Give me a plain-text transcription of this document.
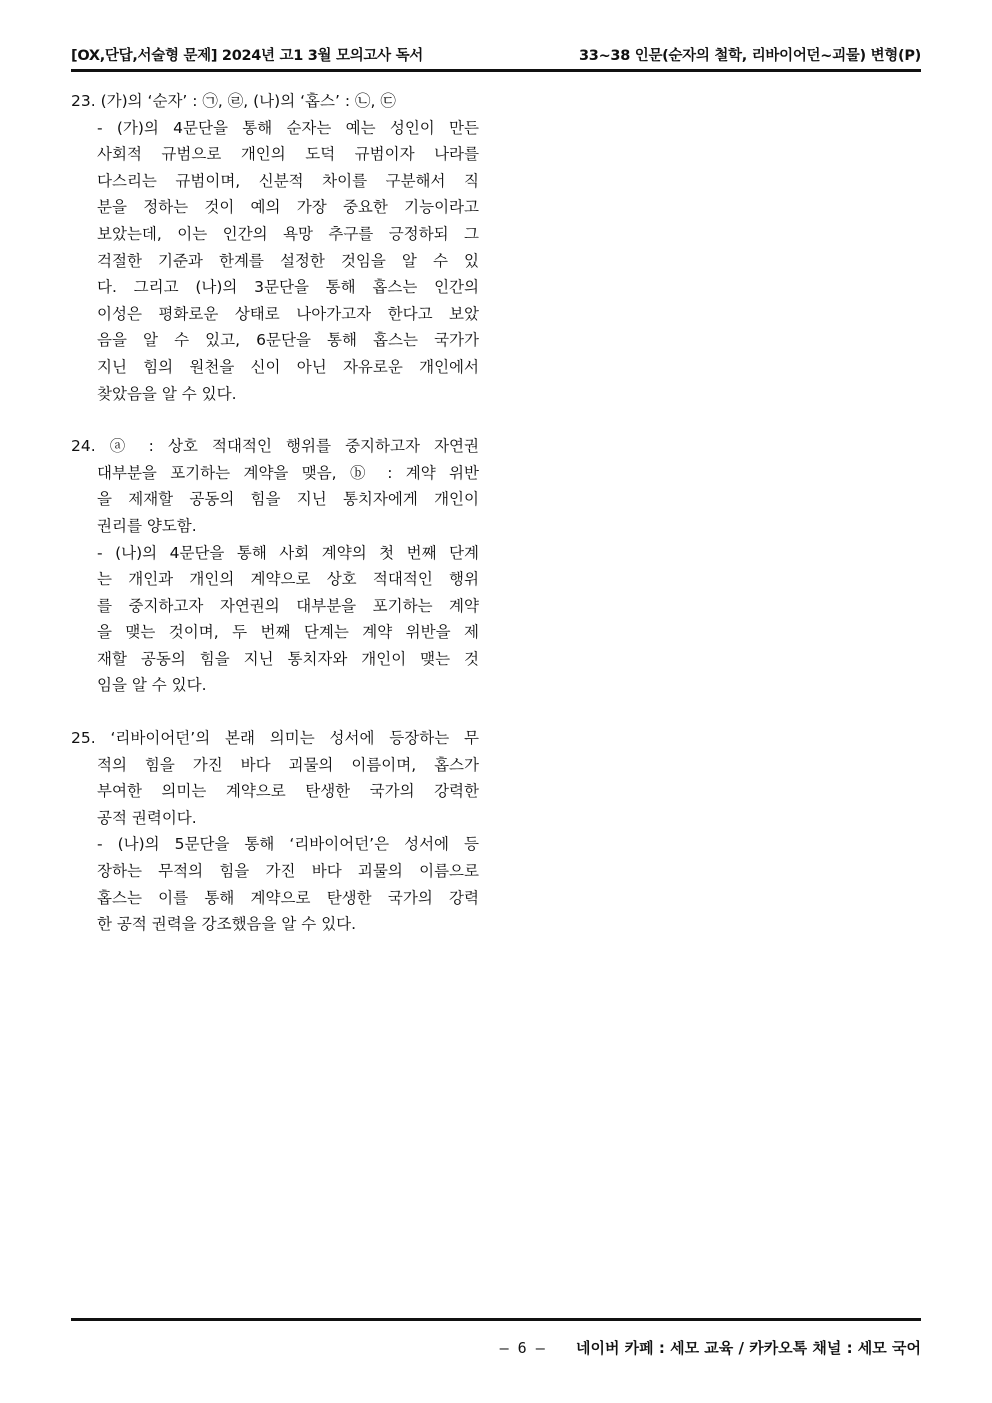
[OX,단답,서술형 문제] 2024년 고1 3월 모의고사 독서	33~38 인문(순자의 철학, 리바이어던~괴물) 변형(P)
23. (가)의 ‘순자’ : ㉠, ㉣, (나)의 ‘홉스’ : ㉡, ㉢
- (가)의 4문단을 통해 순자는 예는 성인이 만든
사회적 규범으로 개인의 도덕 규범이자 나라를
다스리는 규범이며, 신분적 차이를 구분해서 직
분을 정하는 것이 예의 가장 중요한 기능이라고
보았는데, 이는 인간의 욕망 추구를 긍정하되 그
걱절한 기준과 한계를 설정한 것임을 알 수 있
다. 그리고 (나)의 3문단을 통해 홉스는 인간의
이성은 평화로운 상태로 나아가고자 한다고 보았
음을 알 수 있고, 6문단을 통해 홉스는 국가가
지닌 힘의 원천을 신이 아닌 자유로운 개인에서
찾았음을 알 수 있다.
24. ⓐ : 상호 적대적인 행위를 중지하고자 자연권
대부분을 포기하는 계약을 맺음, ⓑ : 계약 위반
을 제재할 공동의 힘을 지닌 통치자에게 개인이
권리를 양도함.
- (나)의 4문단을 통해 사회 계약의 첫 번째 단계
는 개인과 개인의 계약으로 상호 적대적인 행위
를 중지하고자 자연권의 대부분을 포기하는 계약
을 맺는 것이며, 두 번째 단계는 계약 위반을 제
재할 공동의 힘을 지닌 통치자와 개인이 맺는 것
임을 알 수 있다.
25. ‘리바이어던’의 본래 의미는 성서에 등장하는 무
적의 힘을 가진 바다 괴물의 이름이며, 홉스가
부여한 의미는 계약으로 탄생한 국가의 강력한
공적 권력이다.
- (나)의 5문단을 통해 ‘리바이어던’은 성서에 등
장하는 무적의 힘을 가진 바다 괴물의 이름으로
홉스는 이를 통해 계약으로 탄생한 국가의 강력
한 공적 권력을 강조했음을 알 수 있다.
– 6 – 네이버 카페 : 세모 교육 / 카카오톡 채널 : 세모 국어
